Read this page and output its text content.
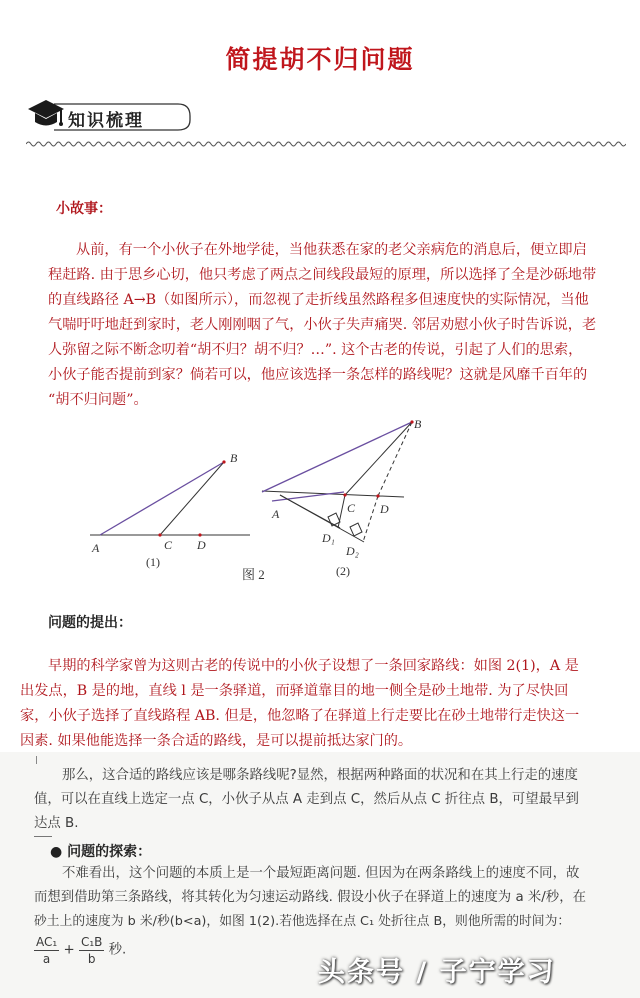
简提胡不归问题
知识梳理
小故事：

从前，有一个小伙子在外地学徒，当他获悉在家的老父亲病危的消息后，便立即启

程赶路. 由于思乡心切，他只考虑了两点之间线段最短的原理，所以选择了全是沙砾地带

的直线路径 A→B（如图所示），而忽视了走折线虽然路程多但速度快的实际情况，当他

气喘吁吁地赶到家时，老人刚刚咽了气，小伙子失声痛哭. 邻居劝慰小伙子时告诉说，老

人弥留之际不断念叨着“胡不归？胡不归？…”. 这个古老的传说，引起了人们的思索，

小伙子能否提前到家？倘若可以，他应该选择一条怎样的路线呢？这就是风靡千百年的

“胡不归问题”。

B
A	C D
(1)
B
A	C D
D₁
D₂
(2)
图 2
问题的提出：

早期的科学家曾为这则古老的传说中的小伙子设想了一条回家路线：如图 2(1)，A 是

出发点，B 是的地，直线 l 是一条驿道，而驿道靠目的地一侧全是砂土地带. 为了尽快回

家，小伙子选择了直线路程 AB. 但是，他忽略了在驿道上行走要比在砂土地带行走快这一

因素. 如果他能选择一条合适的路线，是可以提前抵达家门的。

那么，这合适的路线应该是哪条路线呢?显然，根据两种路面的状况和在其上行走的速度

值，可以在直线上选定一点 C，小伙子从点 A 走到点 C，然后从点 C 折往点 B，可望最早到

达点 B.

● 问题的探索：

不难看出，这个问题的本质上是一个最短距离问题. 但因为在两条路线上的速度不同，故

而想到借助第三条路线，将其转化为匀速运动路线. 假设小伙子在驿道上的速度为 a 米/秒，在

砂土上的速度为 b 米/秒(b<a)，如图 1(2).若他选择在点 C₁ 处折往点 B，则他所需的时间为：

$\frac{\text{AC₁}}{a} + \frac{\text{C₁B}}{b}$ 秒.
头条号 / 子宁学习
